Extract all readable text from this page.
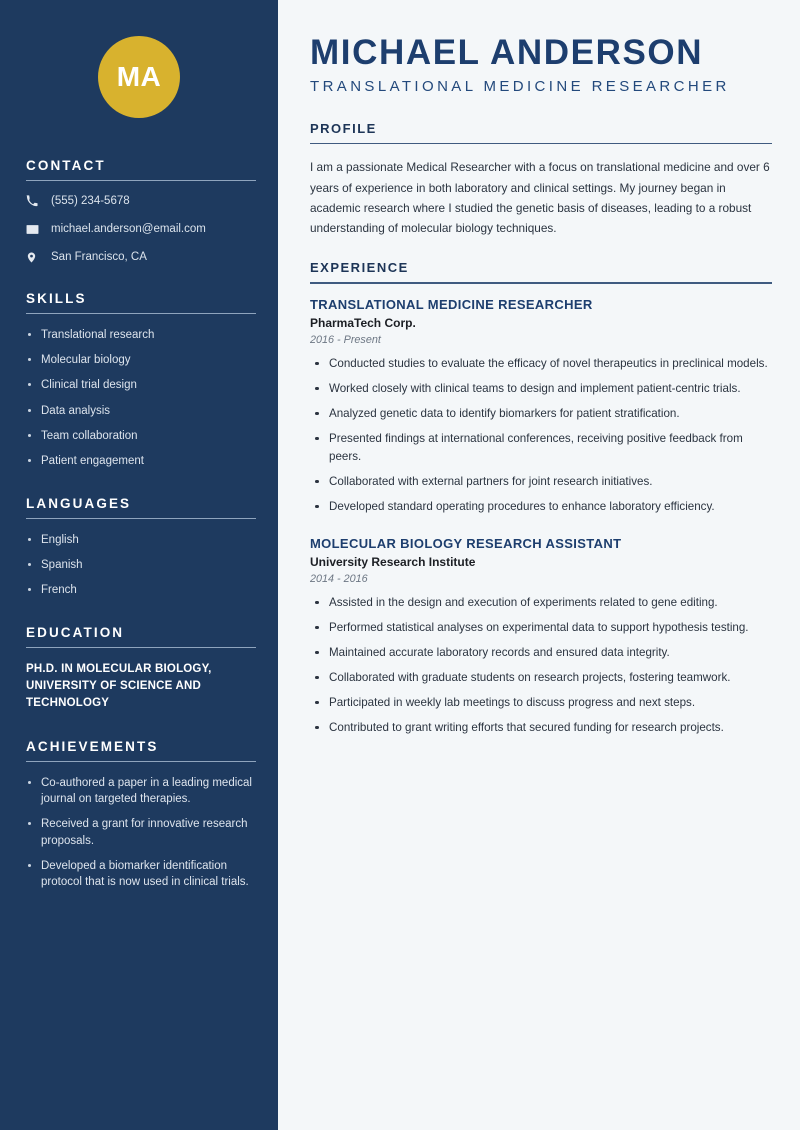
MA
CONTACT
(555) 234-5678
michael.anderson@email.com
San Francisco, CA
SKILLS
Translational research
Molecular biology
Clinical trial design
Data analysis
Team collaboration
Patient engagement
LANGUAGES
English
Spanish
French
EDUCATION

PH.D. IN MOLECULAR BIOLOGY, UNIVERSITY OF SCIENCE AND TECHNOLOGY

ACHIEVEMENTS
Co-authored a paper in a leading medical journal on targeted therapies.
Received a grant for innovative research proposals.
Developed a biomarker identification protocol that is now used in clinical trials.
MICHAEL ANDERSON
TRANSLATIONAL MEDICINE RESEARCHER
PROFILE

I am a passionate Medical Researcher with a focus on translational medicine and over 6 years of experience in both laboratory and clinical settings. My journey began in academic research where I studied the genetic basis of diseases, leading to a robust understanding of molecular biology techniques.

EXPERIENCE
TRANSLATIONAL MEDICINE RESEARCHER
PharmaTech Corp.
2016 - Present
Conducted studies to evaluate the efficacy of novel therapeutics in preclinical models.
Worked closely with clinical teams to design and implement patient-centric trials.
Analyzed genetic data to identify biomarkers for patient stratification.
Presented findings at international conferences, receiving positive feedback from peers.
Collaborated with external partners for joint research initiatives.
Developed standard operating procedures to enhance laboratory efficiency.
MOLECULAR BIOLOGY RESEARCH ASSISTANT
University Research Institute
2014 - 2016
Assisted in the design and execution of experiments related to gene editing.
Performed statistical analyses on experimental data to support hypothesis testing.
Maintained accurate laboratory records and ensured data integrity.
Collaborated with graduate students on research projects, fostering teamwork.
Participated in weekly lab meetings to discuss progress and next steps.
Contributed to grant writing efforts that secured funding for research projects.
